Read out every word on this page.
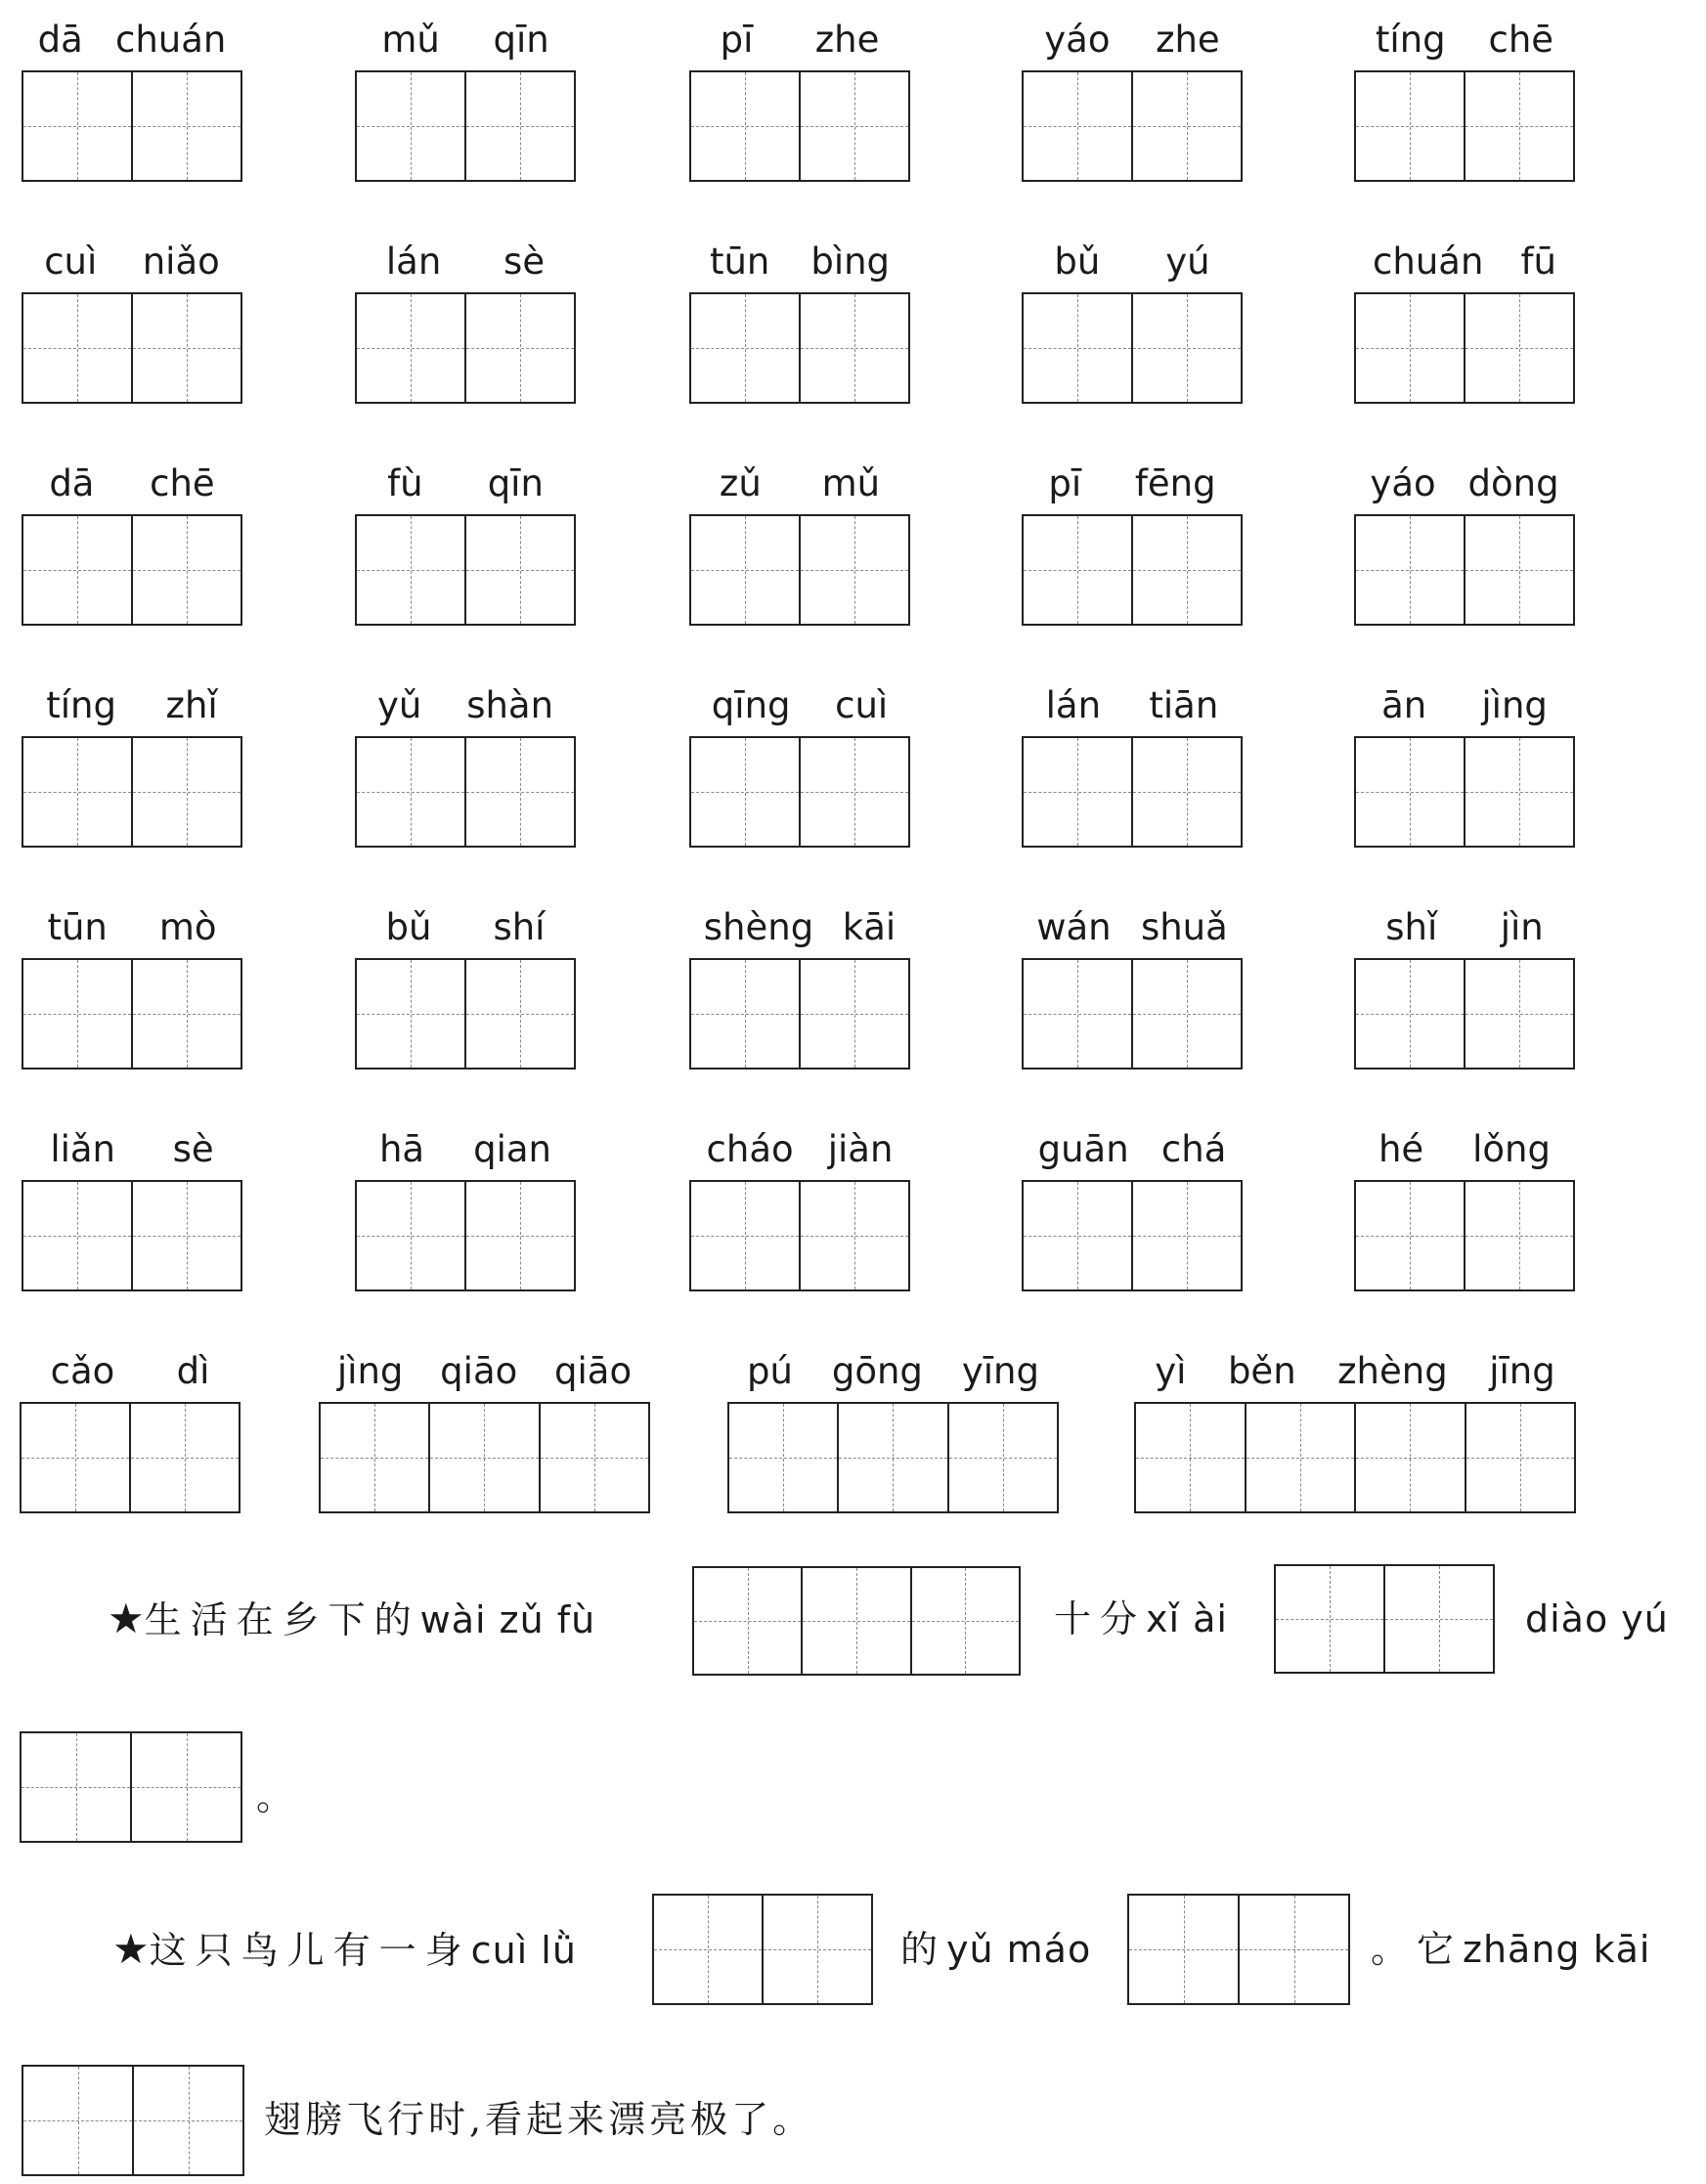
dā chuán	mǔ qīn	pī zhe	yáo zhe	tíng chē
cuì niǎo	lán sè	tūn bìng	bǔ yú	chuán fū
dā chē	fù qīn	zǔ mǔ	pī fēng	yáo dòng
tíng zhǐ	yǔ shàn	qīng cuì	lán tiān	ān jìng
tūn mò	bǔ shí	shèng kāi	wán shuǎ	shǐ jìn
liǎn sè	hā qian	cháo jiàn	guān chá	hé lǒng
cǎo dì	jìng qiāo qiāo	pú gōng yīng	yì běn zhèng jīng
★生活在乡下的wài zǔ fù	十分xǐ ài	diào yú
。
★这只鸟儿有一身cuì lǜ	的yǔ máo	。它zhāng kāi
翅膀飞行时,看起来漂亮极了。
